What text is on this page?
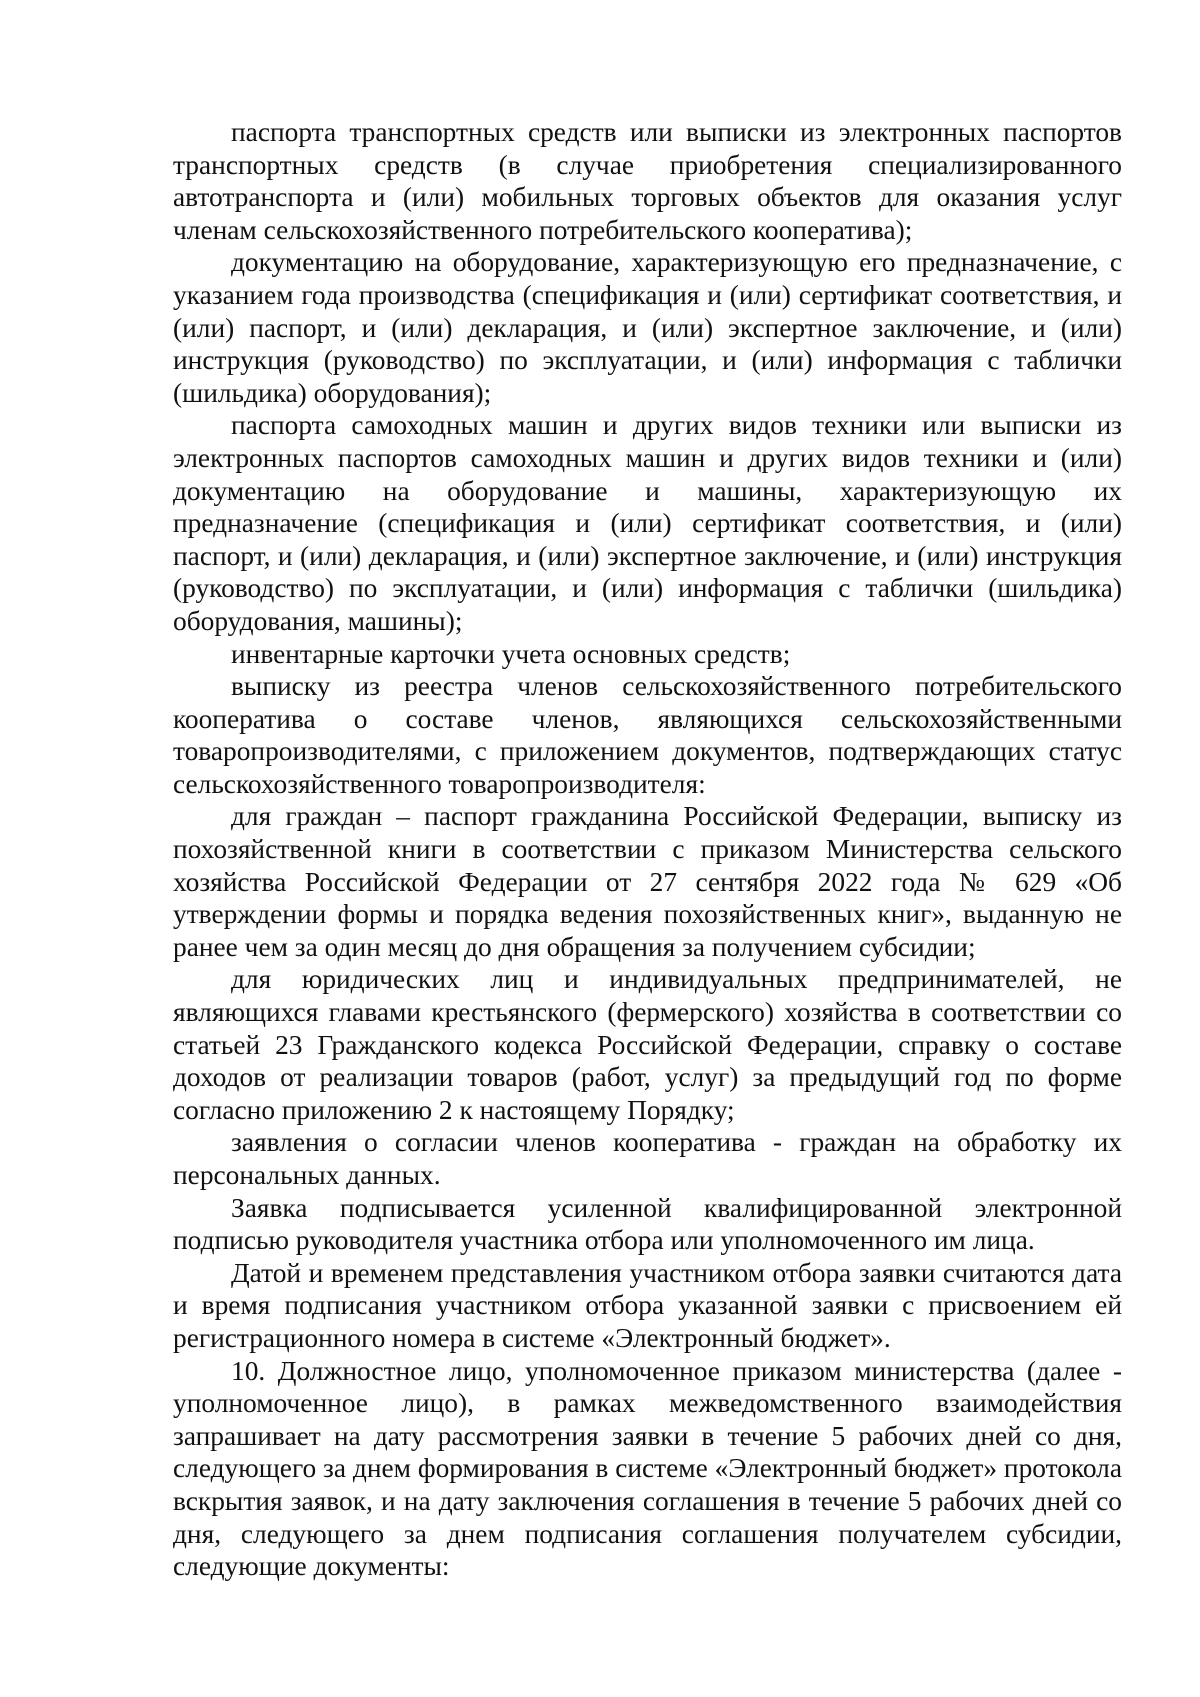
паспорта транспортных средств или выписки из электронных паспортов транспортных средств (в случае приобретения специализированного автотранспорта и (или) мобильных торговых объектов для оказания услуг членам сельскохозяйственного потребительского кооператива);

документацию на оборудование, характеризующую его предназначение, с указанием года производства (спецификация и (или) сертификат соответствия, и (или) паспорт, и (или) декларация, и (или) экспертное заключение, и (или) инструкция (руководство) по эксплуатации, и (или) информация с таблички (шильдика) оборудования);

паспорта самоходных машин и других видов техники или выписки из электронных паспортов самоходных машин и других видов техники и (или) документацию на оборудование и машины, характеризующую их предназначение (спецификация и (или) сертификат соответствия, и (или) паспорт, и (или) декларация, и (или) экспертное заключение, и (или) инструкция (руководство) по эксплуатации, и (или) информация с таблички (шильдика) оборудования, машины);

инвентарные карточки учета основных средств;

выписку из реестра членов сельскохозяйственного потребительского кооператива о составе членов, являющихся сельскохозяйственными товаропроизводителями, с приложением документов, подтверждающих статус сельскохозяйственного товаропроизводителя:

для граждан – паспорт гражданина Российской Федерации, выписку из похозяйственной книги в соответствии с приказом Министерства сельского хозяйства Российской Федерации от 27 сентября 2022 года № 629 «Об утверждении формы и порядка ведения похозяйственных книг», выданную не ранее чем за один месяц до дня обращения за получением субсидии;

для юридических лиц и индивидуальных предпринимателей, не являющихся главами крестьянского (фермерского) хозяйства в соответствии со статьей 23 Гражданского кодекса Российской Федерации, справку о составе доходов от реализации товаров (работ, услуг) за предыдущий год по форме согласно приложению 2 к настоящему Порядку;

заявления о согласии членов кооператива - граждан на обработку их персональных данных.

Заявка подписывается усиленной квалифицированной электронной подписью руководителя участника отбора или уполномоченного им лица.

Датой и временем представления участником отбора заявки считаются дата и время подписания участником отбора указанной заявки с присвоением ей регистрационного номера в системе «Электронный бюджет».

10. Должностное лицо, уполномоченное приказом министерства (далее - уполномоченное лицо), в рамках межведомственного взаимодействия запрашивает на дату рассмотрения заявки в течение 5 рабочих дней со дня, следующего за днем формирования в системе «Электронный бюджет» протокола вскрытия заявок, и на дату заключения соглашения в течение 5 рабочих дней со дня, следующего за днем подписания соглашения получателем субсидии, следующие документы:
